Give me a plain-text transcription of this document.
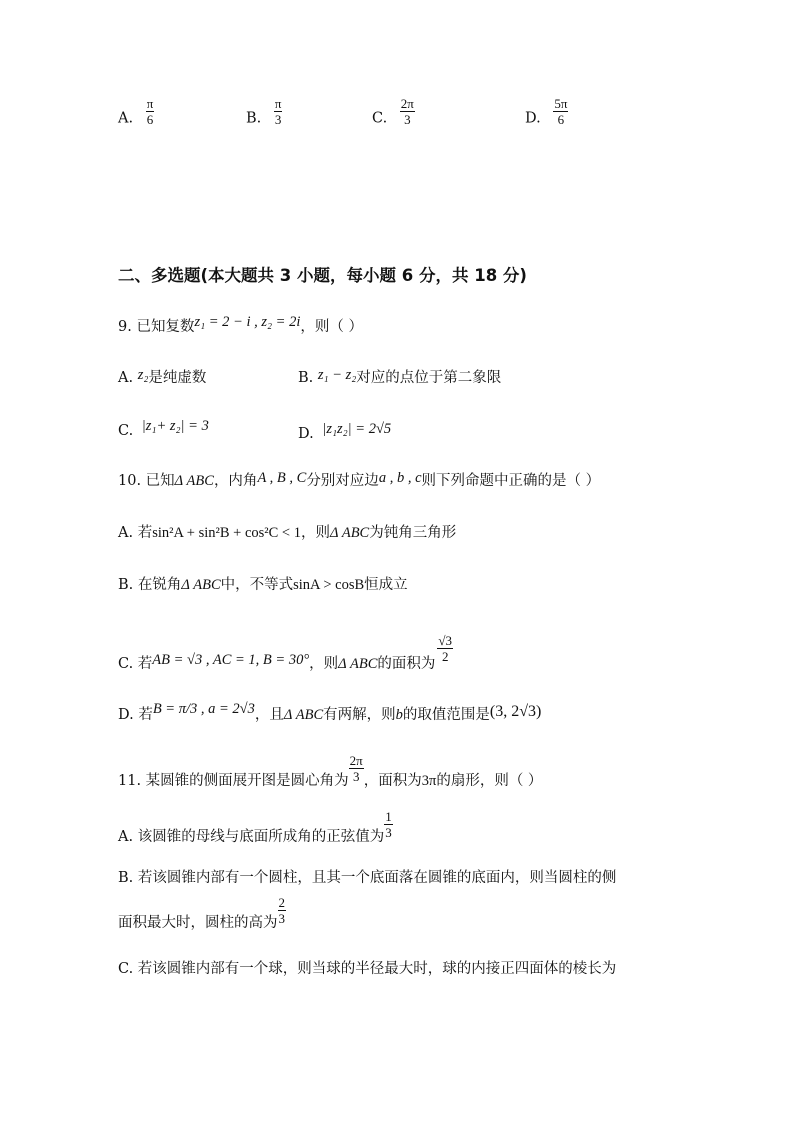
A. $\frac{\pi}{6}$	B. $\frac{\pi}{3}$	C. $\frac{2\pi}{3}$	D. $\frac{5\pi}{6}$
二、多选题(本大题共 3 小题，每小题 6 分，共 18 分)
9. 已知复数z₁ = 2 − i , z₂ = 2i，则（ ）
A. z₂是纯虚数	B. z₁ − z₂对应的点位于第二象限
C. |z₁+ z₂| = 3	D. |z₁z₂| = 2√5
10. 已知Δ ABC，内角A , B , C分别对应边a , b , c则下列命题中正确的是（ ）
A. 若sin²A + sin²B + cos²C < 1，则Δ ABC为钝角三角形
B. 在锐角Δ ABC中，不等式sinA > cosB恒成立
C. 若AB = √3 , AC = 1, B = 30°，则Δ ABC的面积为
$\frac{√3}{2}$
D. 若B = π/3 , a = 2√3，且Δ ABC有两解，则b的取值范围是(3, 2√3)
11. 某圆锥的侧面展开图是圆心角为 $\frac{2\pi}{3}$ ，面积为3π的扇形，则（ ）
A. 该圆锥的母线与底面所成角的正弦值为 $\frac{1}{3}$
B. 若该圆锥内部有一个圆柱，且其一个底面落在圆锥的底面内，则当圆柱的侧
面积最大时，圆柱的高为 $\frac{2}{3}$
C. 若该圆锥内部有一个球，则当球的半径最大时，球的内接正四面体的棱长为
